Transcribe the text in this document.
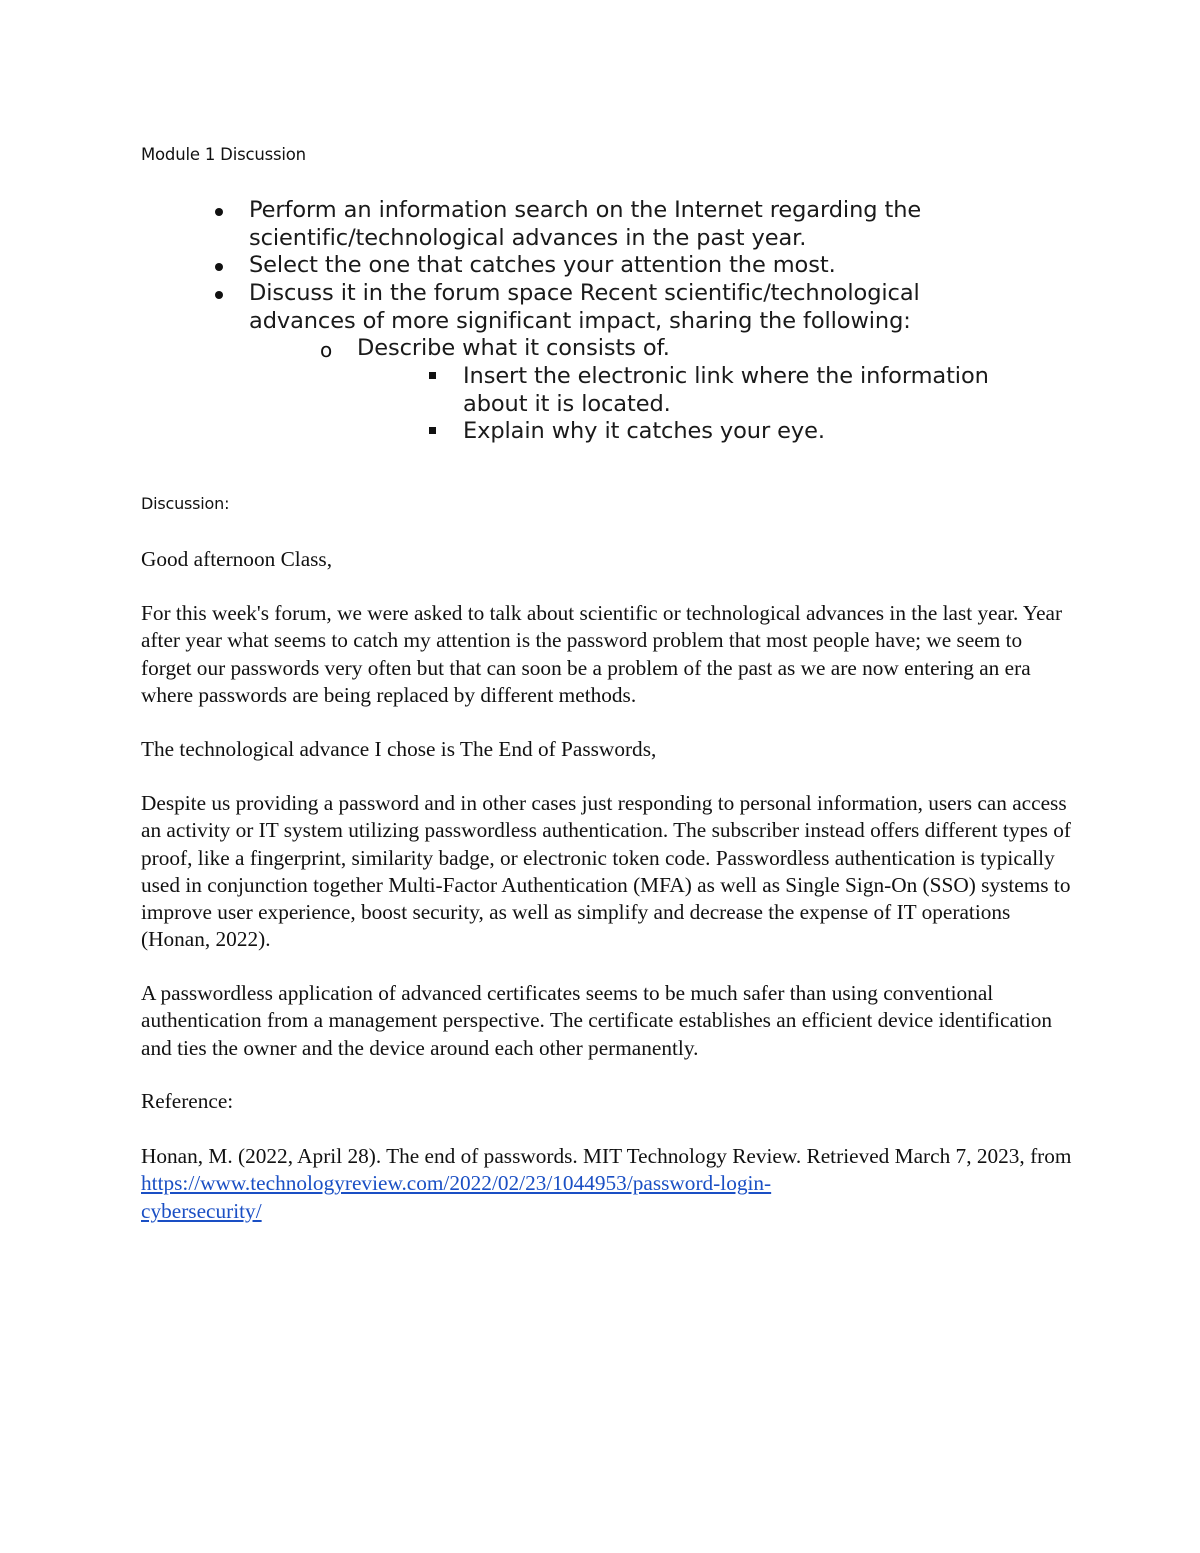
Module 1 Discussion
Perform an information search on the Internet regarding the scientific/technological advances in the past year.
Select the one that catches your attention the most.
Discuss it in the forum space Recent scientific/technological advances of more significant impact, sharing the following:
o Describe what it consists of.
Insert the electronic link where the information about it is located.
Explain why it catches your eye.
Discussion:

Good afternoon Class,

For this week's forum, we were asked to talk about scientific or technological advances in the last year. Year after year what seems to catch my attention is the password problem that most people have; we seem to forget our passwords very often but that can soon be a problem of the past as we are now entering an era where passwords are being replaced by different methods.

The technological advance I chose is The End of Passwords,

Despite us providing a password and in other cases just responding to personal information, users can access an activity or IT system utilizing passwordless authentication. The subscriber instead offers different types of proof, like a fingerprint, similarity badge, or electronic token code. Passwordless authentication is typically used in conjunction together Multi-Factor Authentication (MFA) as well as Single Sign-On (SSO) systems to improve user experience, boost security, as well as simplify and decrease the expense of IT operations (Honan, 2022).

A passwordless application of advanced certificates seems to be much safer than using conventional authentication from a management perspective. The certificate establishes an efficient device identification and ties the owner and the device around each other permanently.

Reference:

Honan, M. (2022, April 28). The end of passwords. MIT Technology Review. Retrieved March 7, 2023, from https://www.technologyreview.com/2022/02/23/1044953/password-login-
cybersecurity/
